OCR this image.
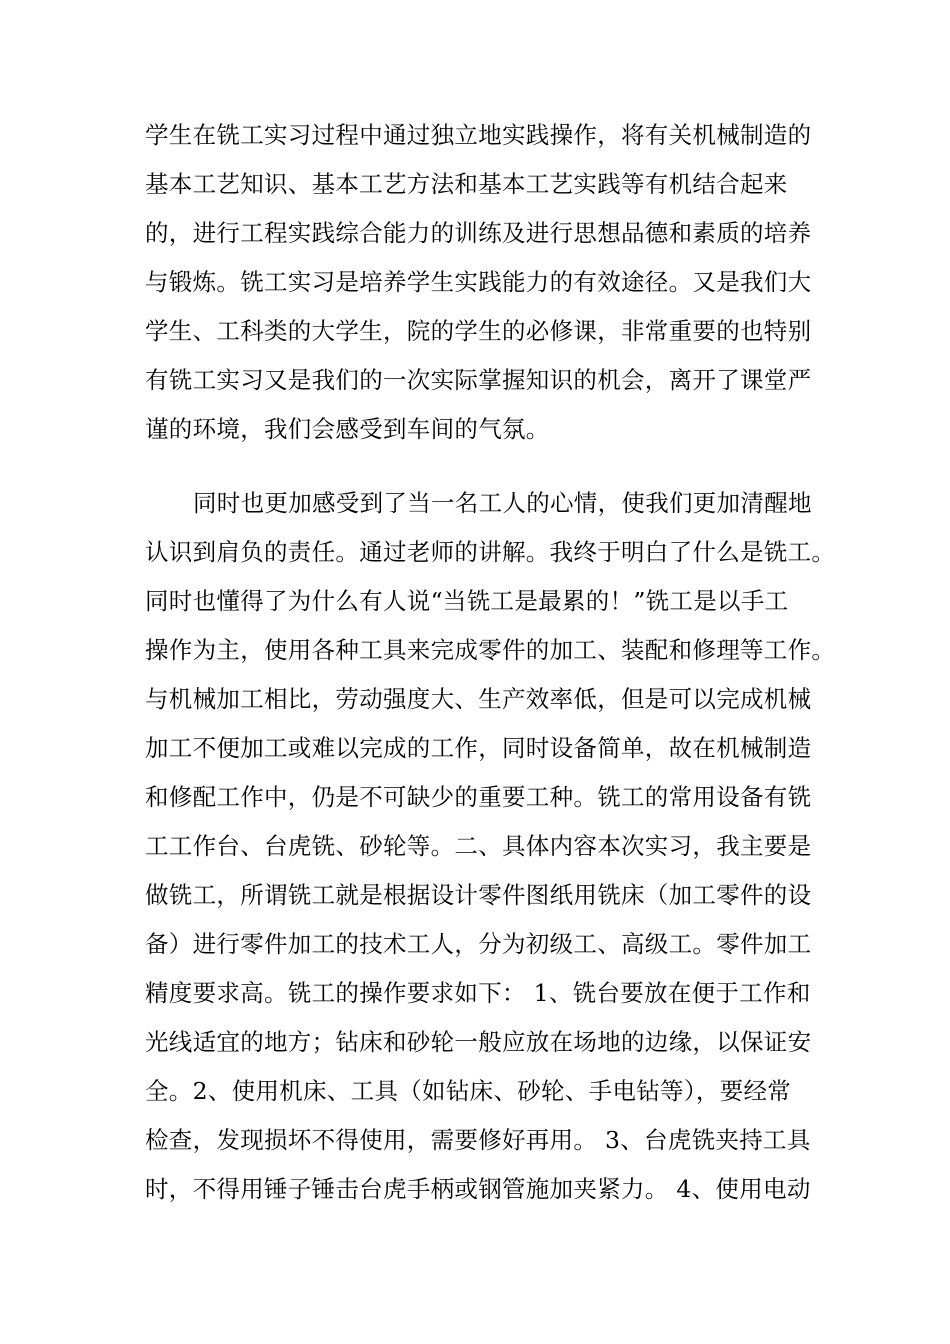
学生在铣工实习过程中通过独立地实践操作，将有关机械制造的
基本工艺知识、基本工艺方法和基本工艺实践等有机结合起来
的，进行工程实践综合能力的训练及进行思想品德和素质的培养
与锻炼。铣工实习是培养学生实践能力的有效途径。又是我们大
学生、工科类的大学生，院的学生的必修课，非常重要的也特别
有铣工实习又是我们的一次实际掌握知识的机会，离开了课堂严
谨的环境，我们会感受到车间的气氛。
同时也更加感受到了当一名工人的心情，使我们更加清醒地
认识到肩负的责任。通过老师的讲解。我终于明白了什么是铣工。
同时也懂得了为什么有人说“当铣工是最累的！”铣工是以手工
操作为主，使用各种工具来完成零件的加工、装配和修理等工作。
与机械加工相比，劳动强度大、生产效率低，但是可以完成机械
加工不便加工或难以完成的工作，同时设备简单，故在机械制造
和修配工作中，仍是不可缺少的重要工种。铣工的常用设备有铣
工工作台、台虎铣、砂轮等。二、具体内容本次实习，我主要是
做铣工，所谓铣工就是根据设计零件图纸用铣床（加工零件的设
备）进行零件加工的技术工人，分为初级工、高级工。零件加工
精度要求高。铣工的操作要求如下： 1、铣台要放在便于工作和
光线适宜的地方；钻床和砂轮一般应放在场地的边缘，以保证安
全。2、使用机床、工具（如钻床、砂轮、手电钻等），要经常
检查，发现损坏不得使用，需要修好再用。 3、台虎铣夹持工具
时，不得用锤子锤击台虎手柄或钢管施加夹紧力。 4、使用电动
